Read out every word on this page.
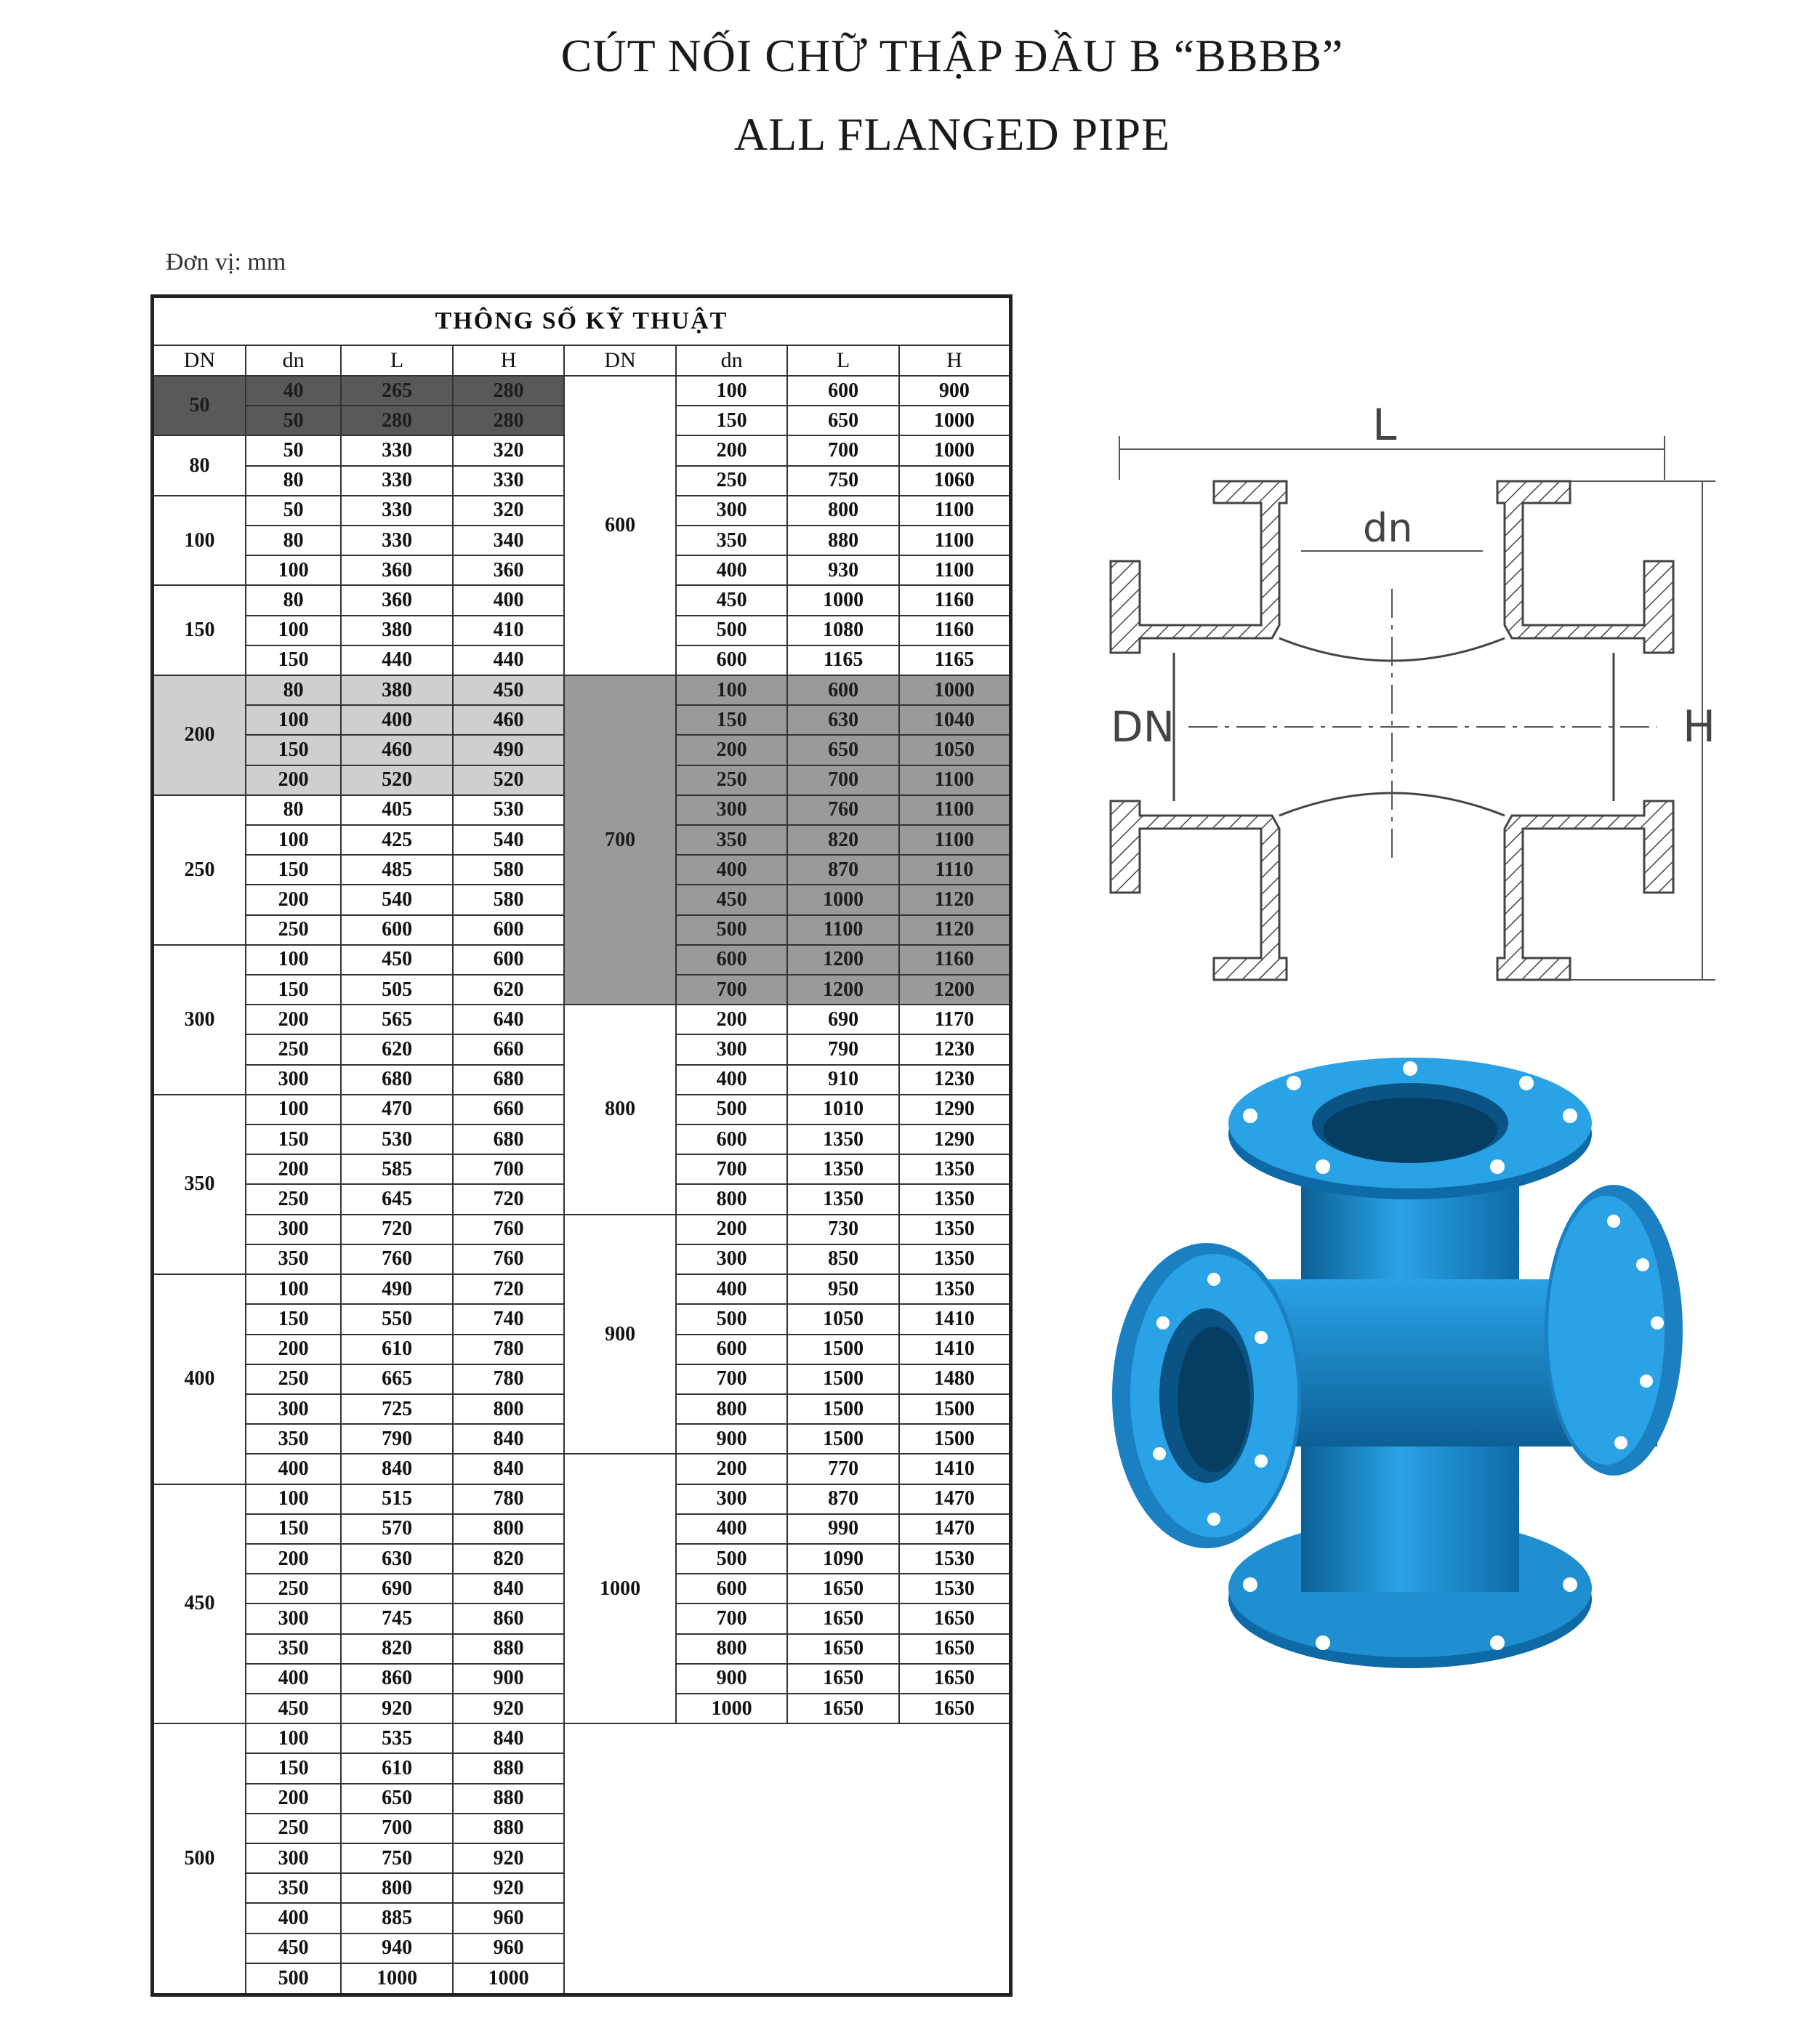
CÚT NỐI CHỮ THẬP ĐẦU B “BBBB”
ALL FLANGED PIPE
Đơn vị: mm
THÔNG SỐ KỸ THUẬT							
DN	dn	L	H	DN	dn	L	H
50	40	265	280	600	100	600	900
	50	280	280		150	650	1000
80	50	330	320		200	700	1000
	80	330	330		250	750	1060
100	50	330	320		300	800	1100
	80	330	340		350	880	1100
	100	360	360		400	930	1100
150	80	360	400		450	1000	1160
	100	380	410		500	1080	1160
	150	440	440		600	1165	1165
200	80	380	450	700	100	600	1000
	100	400	460		150	630	1040
	150	460	490		200	650	1050
	200	520	520		250	700	1100
250	80	405	530		300	760	1100
	100	425	540		350	820	1100
	150	485	580		400	870	1110
	200	540	580		450	1000	1120
	250	600	600		500	1100	1120
300	100	450	600		600	1200	1160
	150	505	620		700	1200	1200
	200	565	640	800	200	690	1170
	250	620	660		300	790	1230
	300	680	680		400	910	1230
350	100	470	660		500	1010	1290
	150	530	680		600	1350	1290
	200	585	700		700	1350	1350
	250	645	720		800	1350	1350
	300	720	760	900	200	730	1350
	350	760	760		300	850	1350
400	100	490	720		400	950	1350
	150	550	740		500	1050	1410
	200	610	780		600	1500	1410
	250	665	780		700	1500	1480
	300	725	800		800	1500	1500
	350	790	840		900	1500	1500
	400	840	840	1000	200	770	1410
450	100	515	780		300	870	1470
	150	570	800		400	990	1470
	200	630	820		500	1090	1530
	250	690	840		600	1650	1530
	300	745	860		700	1650	1650
	350	820	880		800	1650	1650
	400	860	900		900	1650	1650
	450	920	920		1000	1650	1650
500	100	535	840				
	150	610	880				
	200	650	880				
	250	700	880				
	300	750	920				
	350	800	920				
	400	885	960				
	450	940	960				
	500	1000	1000				
L
dn
DN	H
